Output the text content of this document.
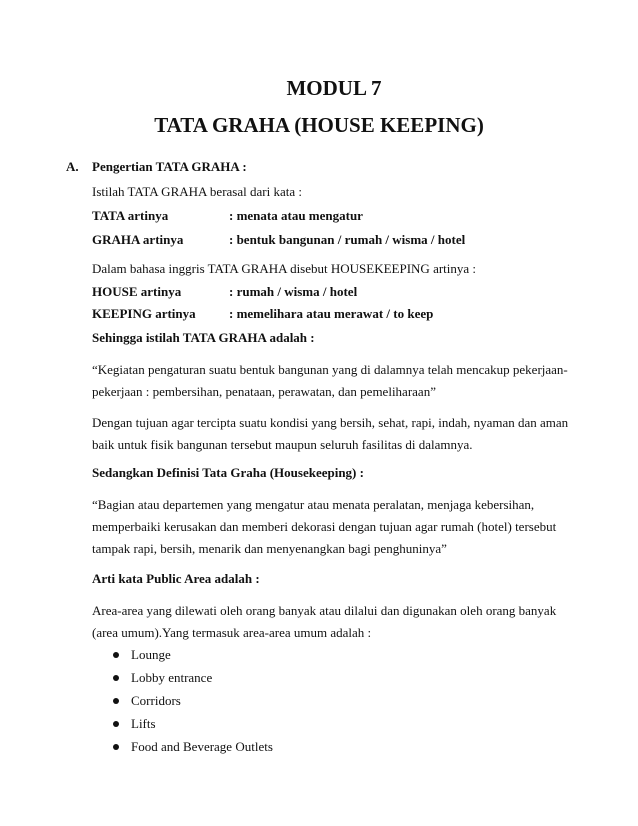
MODUL 7
TATA GRAHA (HOUSE KEEPING)
A. Pengertian TATA GRAHA :
Istilah TATA GRAHA berasal dari kata :
TATA artinya	: menata atau mengatur
GRAHA artinya	: bentuk bangunan / rumah / wisma / hotel
Dalam bahasa inggris TATA GRAHA disebut HOUSEKEEPING artinya :
HOUSE artinya	: rumah / wisma / hotel
KEEPING artinya	: memelihara atau merawat / to keep
Sehingga istilah TATA GRAHA adalah :
“Kegiatan pengaturan suatu bentuk bangunan yang di dalamnya telah mencakup pekerjaan-
pekerjaan : pembersihan, penataan, perawatan, dan pemeliharaan”
Dengan tujuan agar tercipta suatu kondisi yang bersih, sehat, rapi, indah, nyaman dan aman
baik untuk fisik bangunan tersebut maupun seluruh fasilitas di dalamnya.
Sedangkan Definisi Tata Graha (Housekeeping) :
“Bagian atau departemen yang mengatur atau menata peralatan, menjaga kebersihan,
memperbaiki kerusakan dan memberi dekorasi dengan tujuan agar rumah (hotel) tersebut
tampak rapi, bersih, menarik dan menyenangkan bagi penghuninya”
Arti kata Public Area adalah :
Area-area yang dilewati oleh orang banyak atau dilalui dan digunakan oleh orang banyak
(area umum).Yang termasuk area-area umum adalah :
Lounge
Lobby entrance
Corridors
Lifts
Food and Beverage Outlets
